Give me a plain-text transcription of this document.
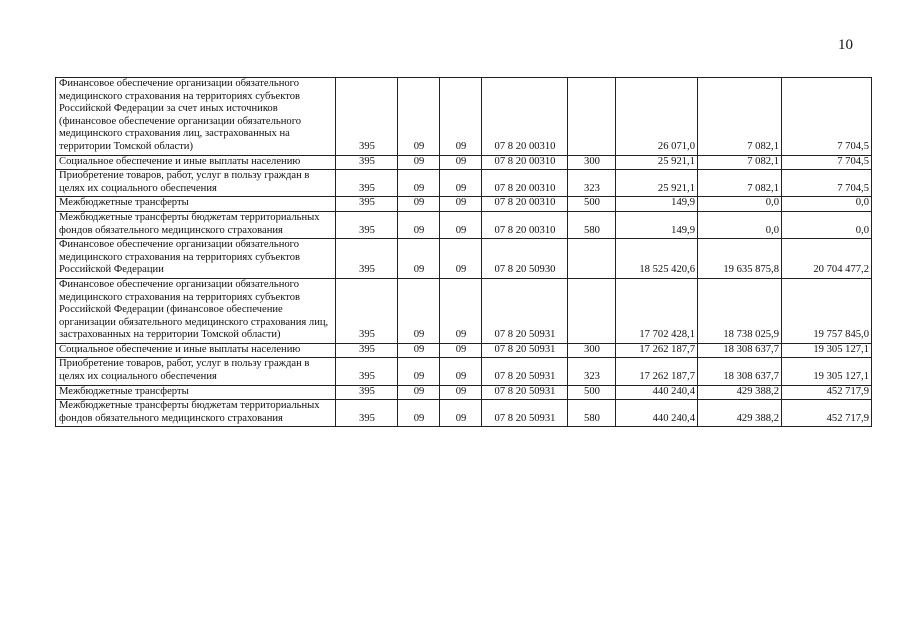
10
Финансовое обеспечение организации обязательного медицинского страхования на территориях субъектов Российской Федерации за счет иных источников (финансовое обеспечение организации обязательного медицинского страхования лиц, застрахованных на территории Томской области)	395	09	09	07 8 20 00310		26 071,0	7 082,1	7 704,5
Социальное обеспечение и иные выплаты населению	395	09	09	07 8 20 00310	300	25 921,1	7 082,1	7 704,5
Приобретение товаров, работ, услуг в пользу граждан в целях их социального обеспечения	395	09	09	07 8 20 00310	323	25 921,1	7 082,1	7 704,5
Межбюджетные трансферты	395	09	09	07 8 20 00310	500	149,9	0,0	0,0
Межбюджетные трансферты бюджетам территориальных фондов обязательного медицинского страхования	395	09	09	07 8 20 00310	580	149,9	0,0	0,0
Финансовое обеспечение организации обязательного медицинского страхования на территориях субъектов Российской Федерации	395	09	09	07 8 20 50930		18 525 420,6	19 635 875,8	20 704 477,2
Финансовое обеспечение организации обязательного медицинского страхования на территориях субъектов Российской Федерации (финансовое обеспечение организации обязательного медицинского страхования лиц, застрахованных на территории Томской области)	395	09	09	07 8 20 50931		17 702 428,1	18 738 025,9	19 757 845,0
Социальное обеспечение и иные выплаты населению	395	09	09	07 8 20 50931	300	17 262 187,7	18 308 637,7	19 305 127,1
Приобретение товаров, работ, услуг в пользу граждан в целях их социального обеспечения	395	09	09	07 8 20 50931	323	17 262 187,7	18 308 637,7	19 305 127,1
Межбюджетные трансферты	395	09	09	07 8 20 50931	500	440 240,4	429 388,2	452 717,9
Межбюджетные трансферты бюджетам территориальных фондов обязательного медицинского страхования	395	09	09	07 8 20 50931	580	440 240,4	429 388,2	452 717,9
